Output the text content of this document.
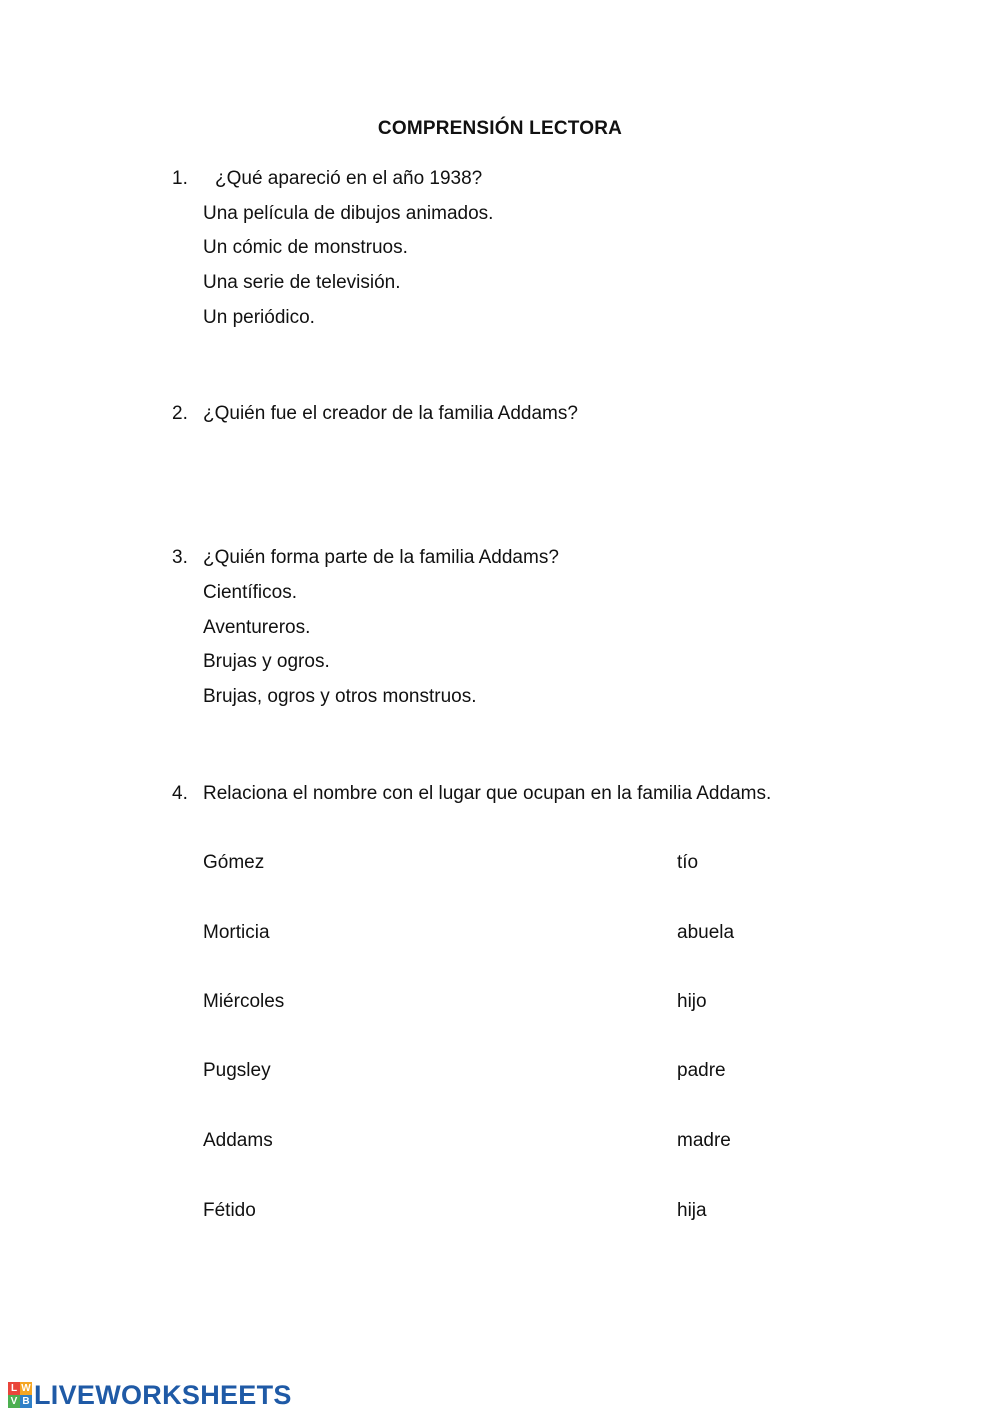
COMPRENSIÓN LECTORA
1. ¿Qué apareció en el año 1938?
Una película de dibujos animados.
Un cómic de monstruos.
Una serie de televisión.
Un periódico.
2. ¿Quién fue el creador de la familia Addams?
3. ¿Quién forma parte de la familia Addams?
Científicos.
Aventureros.
Brujas y ogros.
Brujas, ogros y otros monstruos.
4. Relaciona el nombre con el lugar que ocupan en la familia Addams.
Gómez
Morticia
Miércoles
Pugsley
Addams
Fétido
tío
abuela
hijo
padre
madre
hija
L W
V B LIVEWORKSHEETS
